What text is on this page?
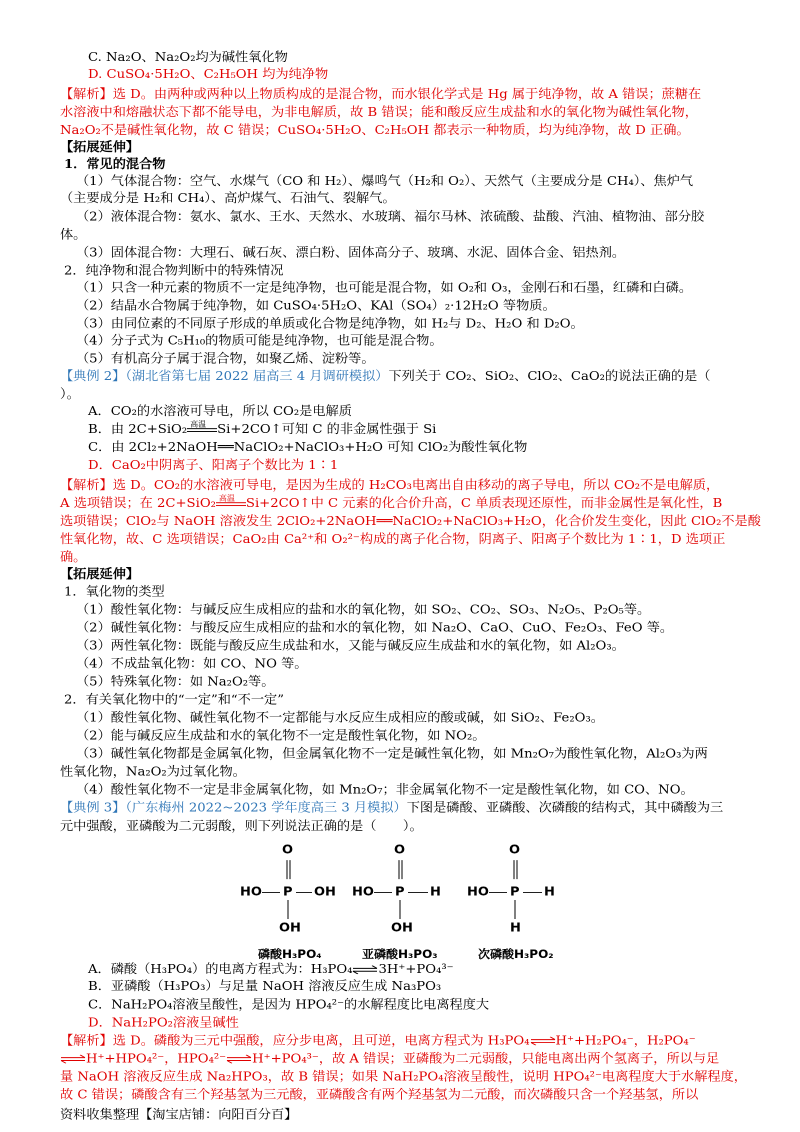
C. Na₂O、Na₂O₂均为碱性氧化物
D. CuSO₄·5H₂O、C₂H₅OH 均为纯净物
【解析】选 D。由两种或两种以上物质构成的是混合物，而水银化学式是 Hg 属于纯净物，故 A 错误；蔗糖在
水溶液中和熔融状态下都不能导电，为非电解质，故 B 错误；能和酸反应生成盐和水的氧化物为碱性氧化物，
Na₂O₂不是碱性氧化物，故 C 错误；CuSO₄·5H₂O、C₂H₅OH 都表示一种物质，均为纯净物，故 D 正确。
【拓展延伸】
1．常见的混合物
（1）气体混合物：空气、水煤气（CO 和 H₂）、爆鸣气（H₂和 O₂）、天然气（主要成分是 CH₄）、焦炉气
（主要成分是 H₂和 CH₄）、高炉煤气、石油气、裂解气。
（2）液体混合物：氨水、氯水、王水、天然水、水玻璃、福尔马林、浓硫酸、盐酸、汽油、植物油、部分胶
体。
（3）固体混合物：大理石、碱石灰、漂白粉、固体高分子、玻璃、水泥、固体合金、铝热剂。
2．纯净物和混合物判断中的特殊情况
（1）只含一种元素的物质不一定是纯净物，也可能是混合物，如 O₂和 O₃，金刚石和石墨，红磷和白磷。
（2）结晶水合物属于纯净物，如 CuSO₄·5H₂O、KAl（SO₄）₂·12H₂O 等物质。
（3）由同位素的不同原子形成的单质或化合物是纯净物，如 H₂与 D₂、H₂O 和 D₂O。
（4）分子式为 C₅H₁₀的物质可能是纯净物，也可能是混合物。
（5）有机高分子属于混合物，如聚乙烯、淀粉等。
【典例 2】（湖北省第七届 2022 届高三 4 月调研模拟）下列关于 CO₂、SiO₂、ClO₂、CaO₂的说法正确的是（
）。
A．CO₂的水溶液可导电，所以 CO₂是电解质
B．由 2C+SiO₂ 高温 Si+2CO↑可知 C 的非金属性强于 Si
C．由 2Cl₂+2NaOH══NaClO₂+NaClO₃+H₂O 可知 ClO₂为酸性氧化物
D．CaO₂中阴离子、阳离子个数比为 1∶1
【解析】选 D。CO₂的水溶液可导电，是因为生成的 H₂CO₃电离出自由移动的离子导电，所以 CO₂不是电解质，
A 选项错误；在 2C+SiO₂ 高温 Si+2CO↑中 C 元素的化合价升高，C 单质表现还原性，而非金属性是氧化性，B
选项错误；ClO₂与 NaOH 溶液发生 2ClO₂+2NaOH══NaClO₂+NaClO₃+H₂O，化合价发生变化，因此 ClO₂不是酸
性氧化物，故、C 选项错误；CaO₂由 Ca²⁺和 O₂²⁻构成的离子化合物，阴离子、阳离子个数比为 1∶1，D 选项正
确。
【拓展延伸】
1．氧化物的类型
（1）酸性氧化物：与碱反应生成相应的盐和水的氧化物，如 SO₂、CO₂、SO₃、N₂O₅、P₂O₅等。
（2）碱性氧化物：与酸反应生成相应的盐和水的氧化物，如 Na₂O、CaO、CuO、Fe₂O₃、FeO 等。
（3）两性氧化物：既能与酸反应生成盐和水，又能与碱反应生成盐和水的氧化物，如 Al₂O₃。
（4）不成盐氧化物：如 CO、NO 等。
（5）特殊氧化物：如 Na₂O₂等。
2．有关氧化物中的“一定”和“不一定”
（1）酸性氧化物、碱性氧化物不一定都能与水反应生成相应的酸或碱，如 SiO₂、Fe₂O₃。
（2）能与碱反应生成盐和水的氧化物不一定是酸性氧化物，如 NO₂。
（3）碱性氧化物都是金属氧化物，但金属氧化物不一定是碱性氧化物，如 Mn₂O₇为酸性氧化物，Al₂O₃为两
性氧化物，Na₂O₂为过氧化物。
（4）酸性氧化物不一定是非金属氧化物，如 Mn₂O₇；非金属氧化物不一定是酸性氧化物，如 CO、NO。
【典例 3】（广东梅州 2022~2023 学年度高三 3 月模拟）下图是磷酸、亚磷酸、次磷酸的结构式，其中磷酸为三
元中强酸，亚磷酸为二元弱酸，则下列说法正确的是（　　）。
O
HO P OH
OH
磷酸H₃PO₄
O
HO P H
OH
亚磷酸H₃PO₃
O
HO P H
H
次磷酸H₃PO₂
A．磷酸（H₃PO₄）的电离方程式为：H₃PO₄⇌3H⁺+PO₄³⁻
B．亚磷酸（H₃PO₃）与足量 NaOH 溶液反应生成 Na₃PO₃
C．NaH₂PO₄溶液呈酸性，是因为 HPO₄²⁻的水解程度比电离程度大
D．NaH₂PO₂溶液呈碱性
【解析】选 D。磷酸为三元中强酸，应分步电离，且可逆，电离方程式为 H₃PO₄⇌H⁺+H₂PO₄⁻，H₂PO₄⁻
⇌H⁺+HPO₄²⁻，HPO₄²⁻⇌H⁺+PO₄³⁻，故 A 错误；亚磷酸为二元弱酸，只能电离出两个氢离子，所以与足
量 NaOH 溶液反应生成 Na₂HPO₃，故 B 错误；如果 NaH₂PO₄溶液呈酸性，说明 HPO₄²⁻电离程度大于水解程度，
故 C 错误；磷酸含有三个羟基氢为三元酸，亚磷酸含有两个羟基氢为二元酸，而次磷酸只含一个羟基氢，所以
资料收集整理【淘宝店铺：向阳百分百】
